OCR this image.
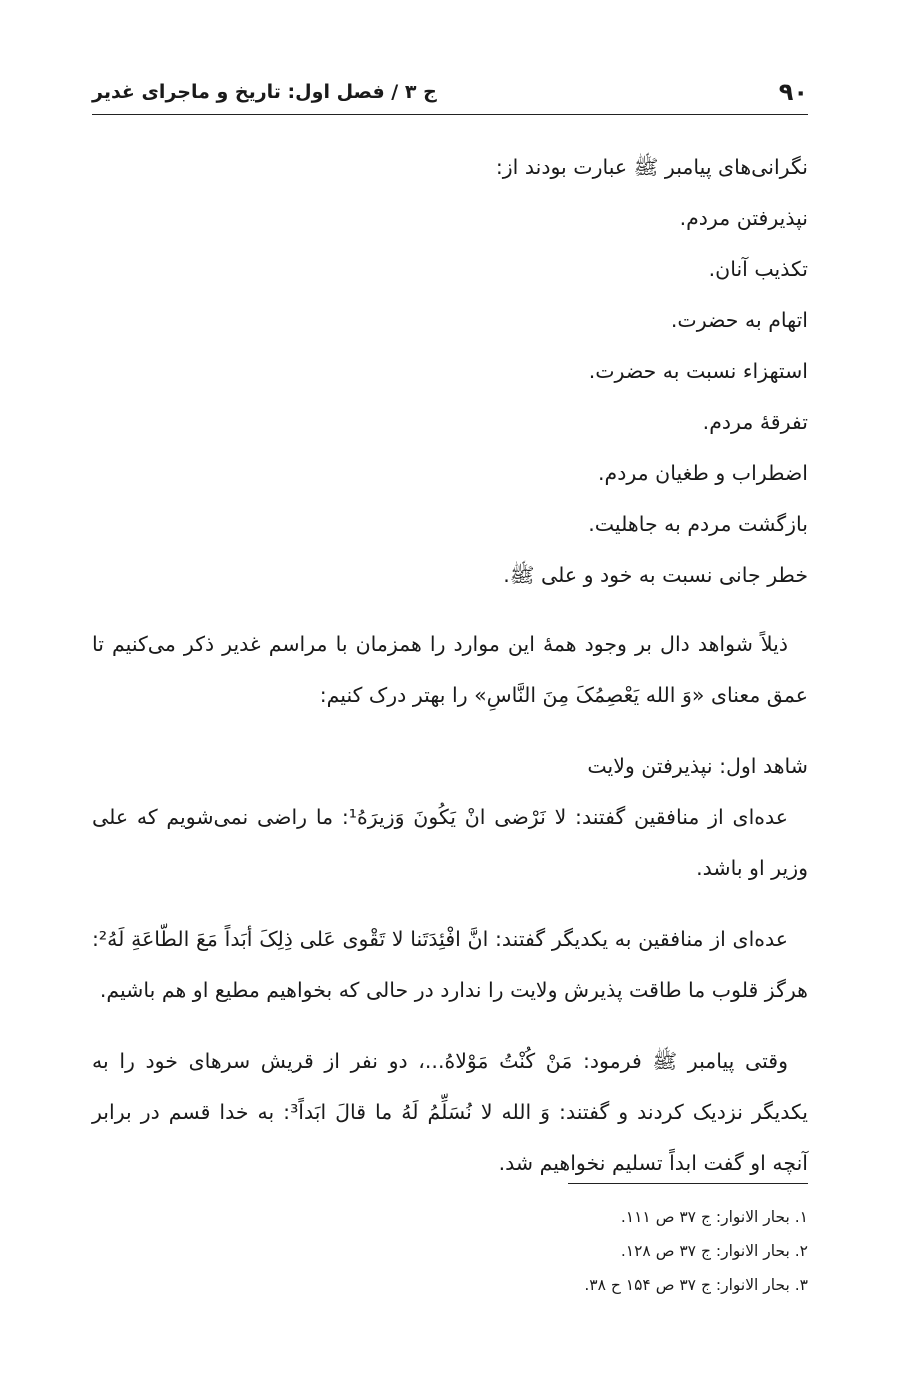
۹۰
ج ۳ / فصل اول: تاریخ و ماجرای غدیر

نگرانی‌های پیامبر ﷺ عبارت بودند از:

نپذیرفتن مردم.

تکذیب آنان.

اتهام به حضرت.

استهزاء نسبت به حضرت.

تفرقهٔ مردم.

اضطراب و طغیان مردم.

بازگشت مردم به جاهلیت.

خطر جانی نسبت به خود و علی ﷺ.

ذیلاً شواهد دال بر وجود همهٔ این موارد را همزمان با مراسم غدیر ذکر می‌کنیم تا عمق معنای «وَ الله یَعْصِمُکَ مِنَ النَّاسِ» را بهتر درک کنیم:

شاهد اول: نپذیرفتن ولایت

عده‌ای از منافقین گفتند: لا نَرْضی انْ یَکُونَ وَزیرَهُ¹: ما راضی نمی‌شویم که علی وزیر او باشد.

عده‌ای از منافقین به یکدیگر گفتند: انَّ افْئِدَتَنا لا تَقْوی عَلی ذِلِکَ أبَداً مَعَ الطّاعَةِ لَهُ²: هرگز قلوب ما طاقت پذیرش ولایت را ندارد در حالی که بخواهیم مطیع او هم باشیم.

وقتی پیامبر ﷺ فرمود: مَنْ کُنْتُ مَوْلاهُ...، دو نفر از قریش سرهای خود را به یکدیگر نزدیک کردند و گفتند: وَ الله لا نُسَلِّمُ لَهُ ما قالَ ابَداً³: به خدا قسم در برابر آنچه او گفت ابداً تسلیم نخواهیم شد.

۱. بحار الانوار: ج ۳۷ ص ۱۱۱.
۲. بحار الانوار: ج ۳۷ ص ۱۲۸.
۳. بحار الانوار: ج ۳۷ ص ۱۵۴ ح ۳۸.
